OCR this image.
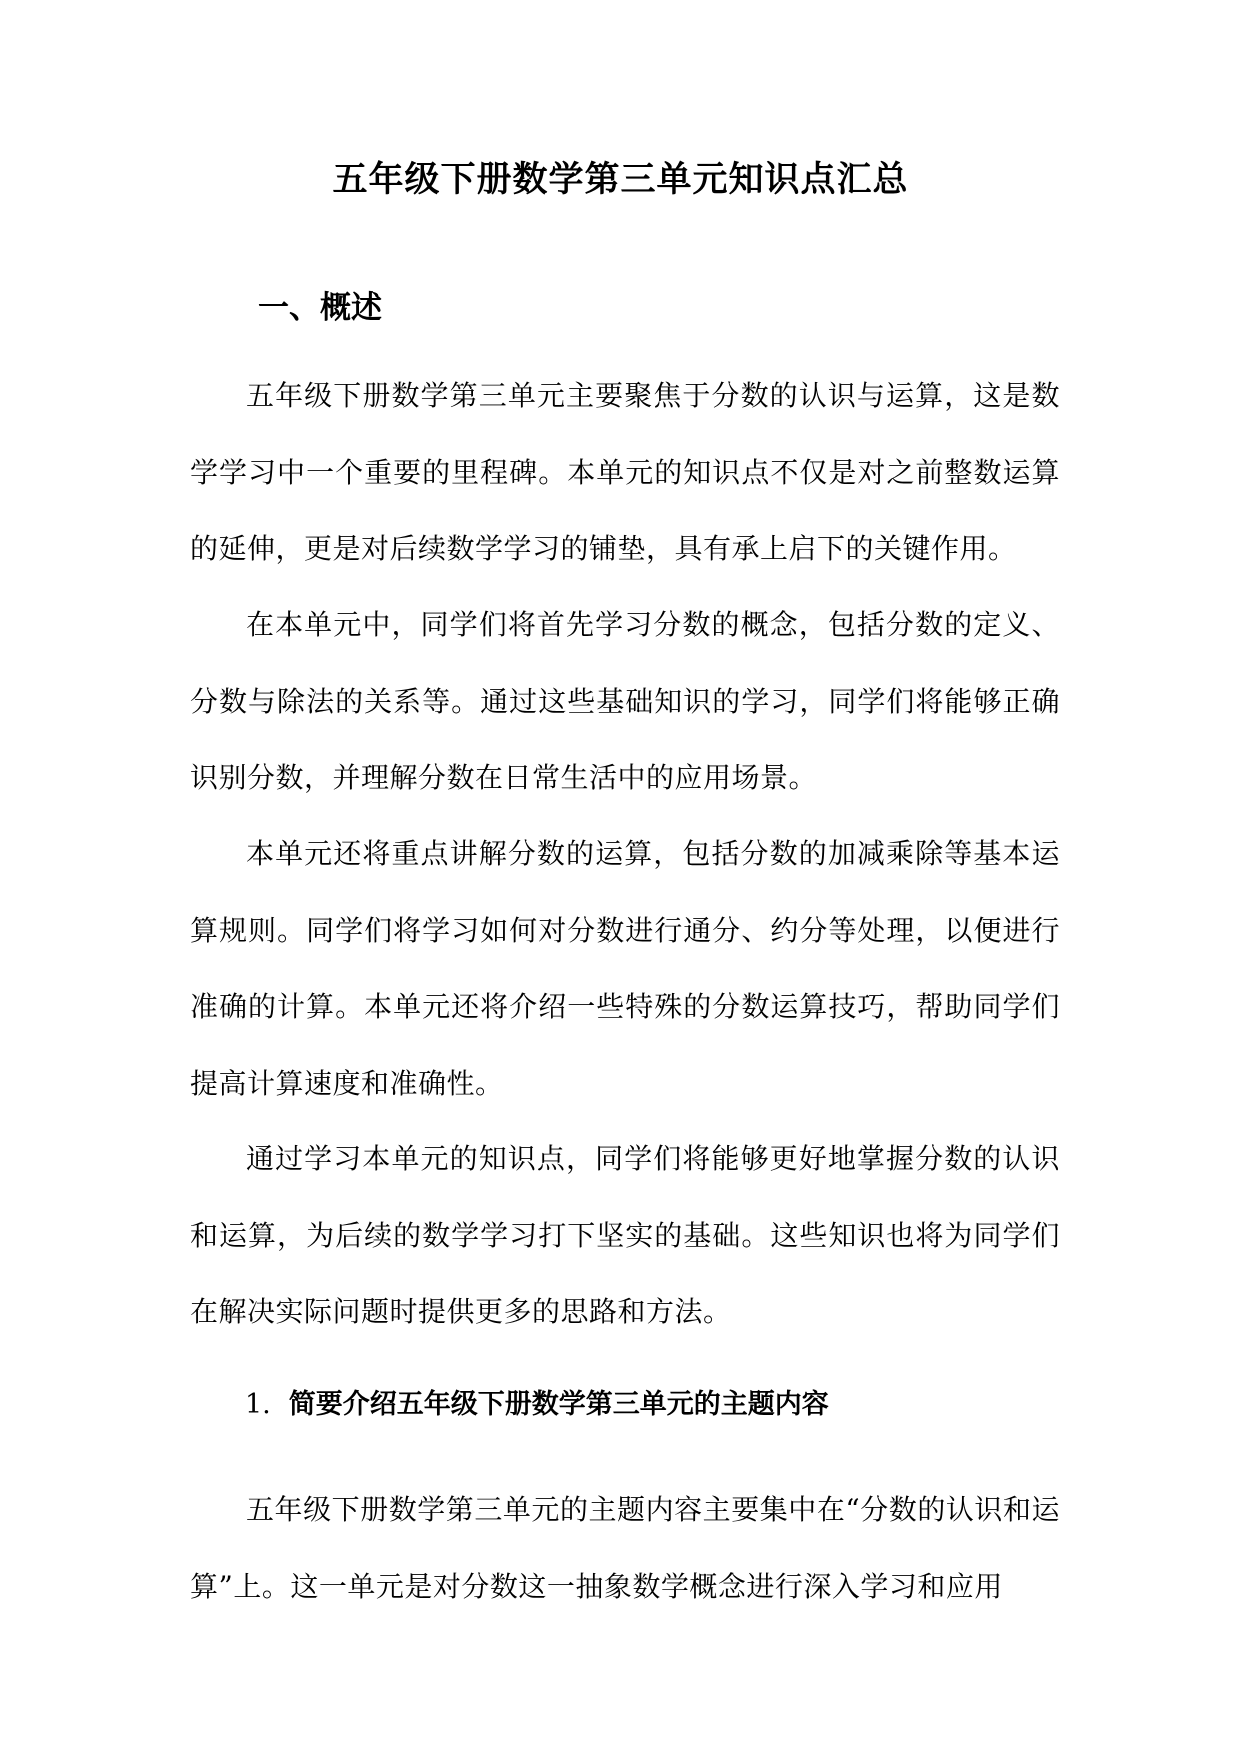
五年级下册数学第三单元知识点汇总
一、概述
五年级下册数学第三单元主要聚焦于分数的认识与运算，这是数学学习中一个重要的里程碑。本单元的知识点不仅是对之前整数运算的延伸，更是对后续数学学习的铺垫，具有承上启下的关键作用。
在本单元中，同学们将首先学习分数的概念，包括分数的定义、分数与除法的关系等。通过这些基础知识的学习，同学们将能够正确识别分数，并理解分数在日常生活中的应用场景。
本单元还将重点讲解分数的运算，包括分数的加减乘除等基本运算规则。同学们将学习如何对分数进行通分、约分等处理，以便进行准确的计算。本单元还将介绍一些特殊的分数运算技巧，帮助同学们提高计算速度和准确性。
通过学习本单元的知识点，同学们将能够更好地掌握分数的认识和运算，为后续的数学学习打下坚实的基础。这些知识也将为同学们在解决实际问题时提供更多的思路和方法。
1. 简要介绍五年级下册数学第三单元的主题内容
五年级下册数学第三单元的主题内容主要集中在“分数的认识和运算”上。这一单元是对分数这一抽象数学概念进行深入学习和应用
